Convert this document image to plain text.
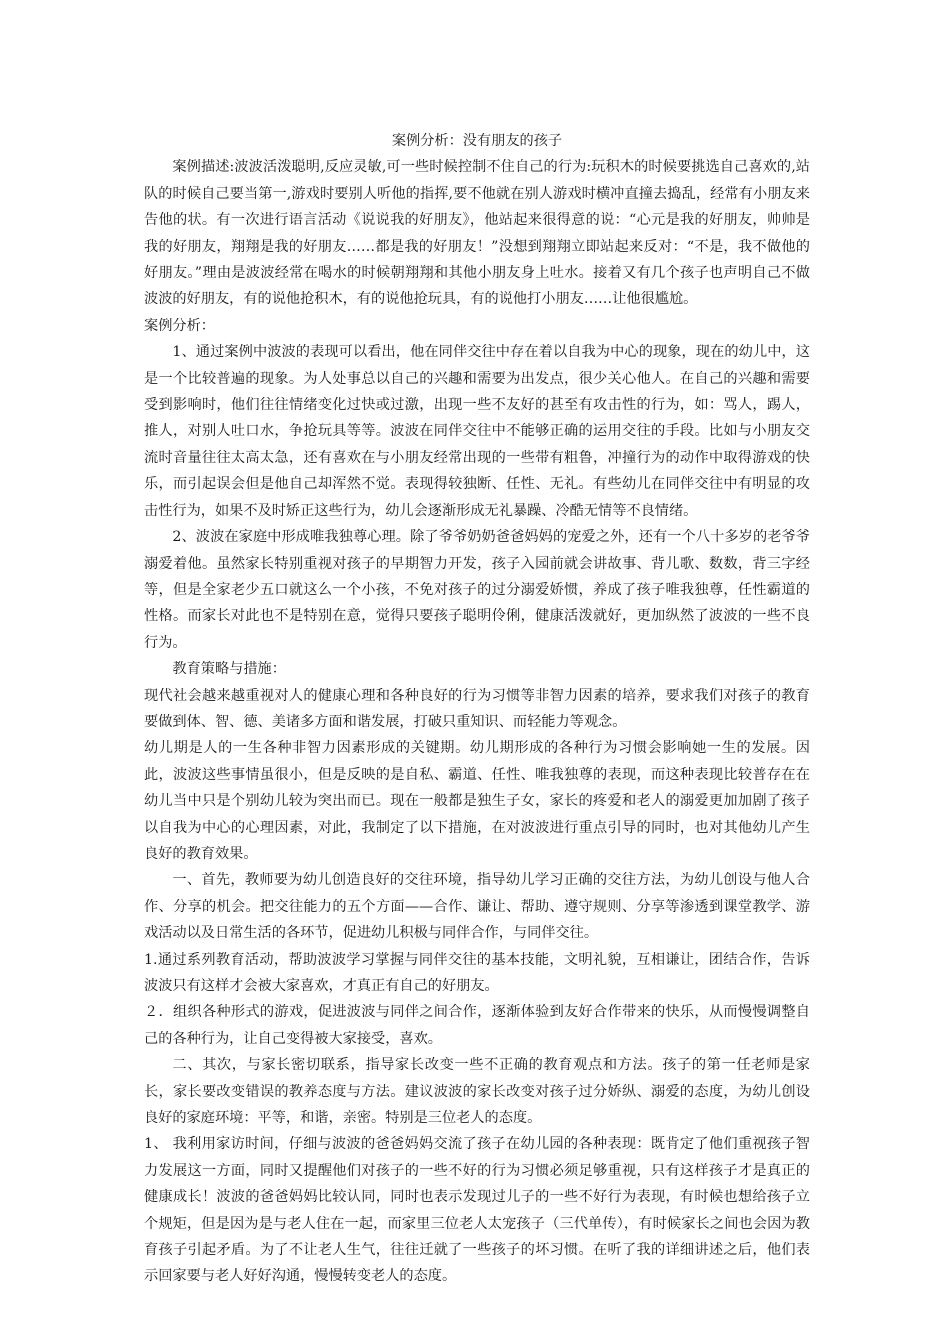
案例分析：没有朋友的孩子

案例描述:波波活泼聪明,反应灵敏,可一些时候控制不住自己的行为:玩积木的时候要挑选自己喜欢的,站队的时候自己要当第一,游戏时要别人听他的指挥,要不他就在别人游戏时横冲直撞去捣乱，经常有小朋友来告他的状。有一次进行语言活动《说说我的好朋友》，他站起来很得意的说：“心元是我的好朋友，帅帅是我的好朋友，翔翔是我的好朋友……都是我的好朋友！”没想到翔翔立即站起来反对：“不是，我不做他的好朋友。”理由是波波经常在喝水的时候朝翔翔和其他小朋友身上吐水。接着又有几个孩子也声明自己不做波波的好朋友，有的说他抢积木，有的说他抢玩具，有的说他打小朋友……让他很尴尬。

案例分析：

1、通过案例中波波的表现可以看出，他在同伴交往中存在着以自我为中心的现象，现在的幼儿中，这是一个比较普遍的现象。为人处事总以自己的兴趣和需要为出发点，很少关心他人。在自己的兴趣和需要受到影响时，他们往往情绪变化过快或过激，出现一些不友好的甚至有攻击性的行为，如：骂人，踢人，推人，对别人吐口水，争抢玩具等等。波波在同伴交往中不能够正确的运用交往的手段。比如与小朋友交流时音量往往太高太急，还有喜欢在与小朋友经常出现的一些带有粗鲁，冲撞行为的动作中取得游戏的快乐，而引起误会但是他自己却浑然不觉。表现得较独断、任性、无礼。有些幼儿在同伴交往中有明显的攻击性行为，如果不及时矫正这些行为，幼儿会逐渐形成无礼暴躁、冷酷无情等不良情绪。

2、波波在家庭中形成唯我独尊心理。除了爷爷奶奶爸爸妈妈的宠爱之外，还有一个八十多岁的老爷爷溺爱着他。虽然家长特别重视对孩子的早期智力开发，孩子入园前就会讲故事、背儿歌、数数，背三字经等，但是全家老少五口就这么一个小孩，不免对孩子的过分溺爱娇惯，养成了孩子唯我独尊，任性霸道的性格。而家长对此也不是特别在意，觉得只要孩子聪明伶俐，健康活泼就好，更加纵然了波波的一些不良行为。

教育策略与措施：

现代社会越来越重视对人的健康心理和各种良好的行为习惯等非智力因素的培养，要求我们对孩子的教育要做到体、智、德、美诸多方面和谐发展，打破只重知识、而轻能力等观念。

幼儿期是人的一生各种非智力因素形成的关键期。幼儿期形成的各种行为习惯会影响她一生的发展。因此，波波这些事情虽很小，但是反映的是自私、霸道、任性、唯我独尊的表现，而这种表现比较普存在在幼儿当中只是个别幼儿较为突出而已。现在一般都是独生子女，家长的疼爱和老人的溺爱更加加剧了孩子以自我为中心的心理因素，对此，我制定了以下措施，在对波波进行重点引导的同时，也对其他幼儿产生良好的教育效果。

一、首先，教师要为幼儿创造良好的交往环境，指导幼儿学习正确的交往方法，为幼儿创设与他人合作、分享的机会。把交往能力的五个方面——合作、谦让、帮助、遵守规则、分享等渗透到课堂教学、游戏活动以及日常生活的各环节，促进幼儿积极与同伴合作，与同伴交往。

1.通过系列教育活动，帮助波波学习掌握与同伴交往的基本技能，文明礼貌，互相谦让，团结合作，告诉波波只有这样才会被大家喜欢，才真正有自己的好朋友。

２．组织各种形式的游戏，促进波波与同伴之间合作，逐渐体验到友好合作带来的快乐，从而慢慢调整自己的各种行为，让自己变得被大家接受，喜欢。

二、其次，与家长密切联系，指导家长改变一些不正确的教育观点和方法。孩子的第一任老师是家长，家长要改变错误的教养态度与方法。建议波波的家长改变对孩子过分娇纵、溺爱的态度，为幼儿创设良好的家庭环境：平等，和谐，亲密。特别是三位老人的态度。

1、 我利用家访时间，仔细与波波的爸爸妈妈交流了孩子在幼儿园的各种表现：既肯定了他们重视孩子智力发展这一方面，同时又提醒他们对孩子的一些不好的行为习惯必须足够重视，只有这样孩子才是真正的健康成长！波波的爸爸妈妈比较认同，同时也表示发现过儿子的一些不好行为表现，有时候也想给孩子立个规矩，但是因为是与老人住在一起，而家里三位老人太宠孩子（三代单传），有时候家长之间也会因为教育孩子引起矛盾。为了不让老人生气，往往迁就了一些孩子的坏习惯。在听了我的详细讲述之后，他们表示回家要与老人好好沟通，慢慢转变老人的态度。
